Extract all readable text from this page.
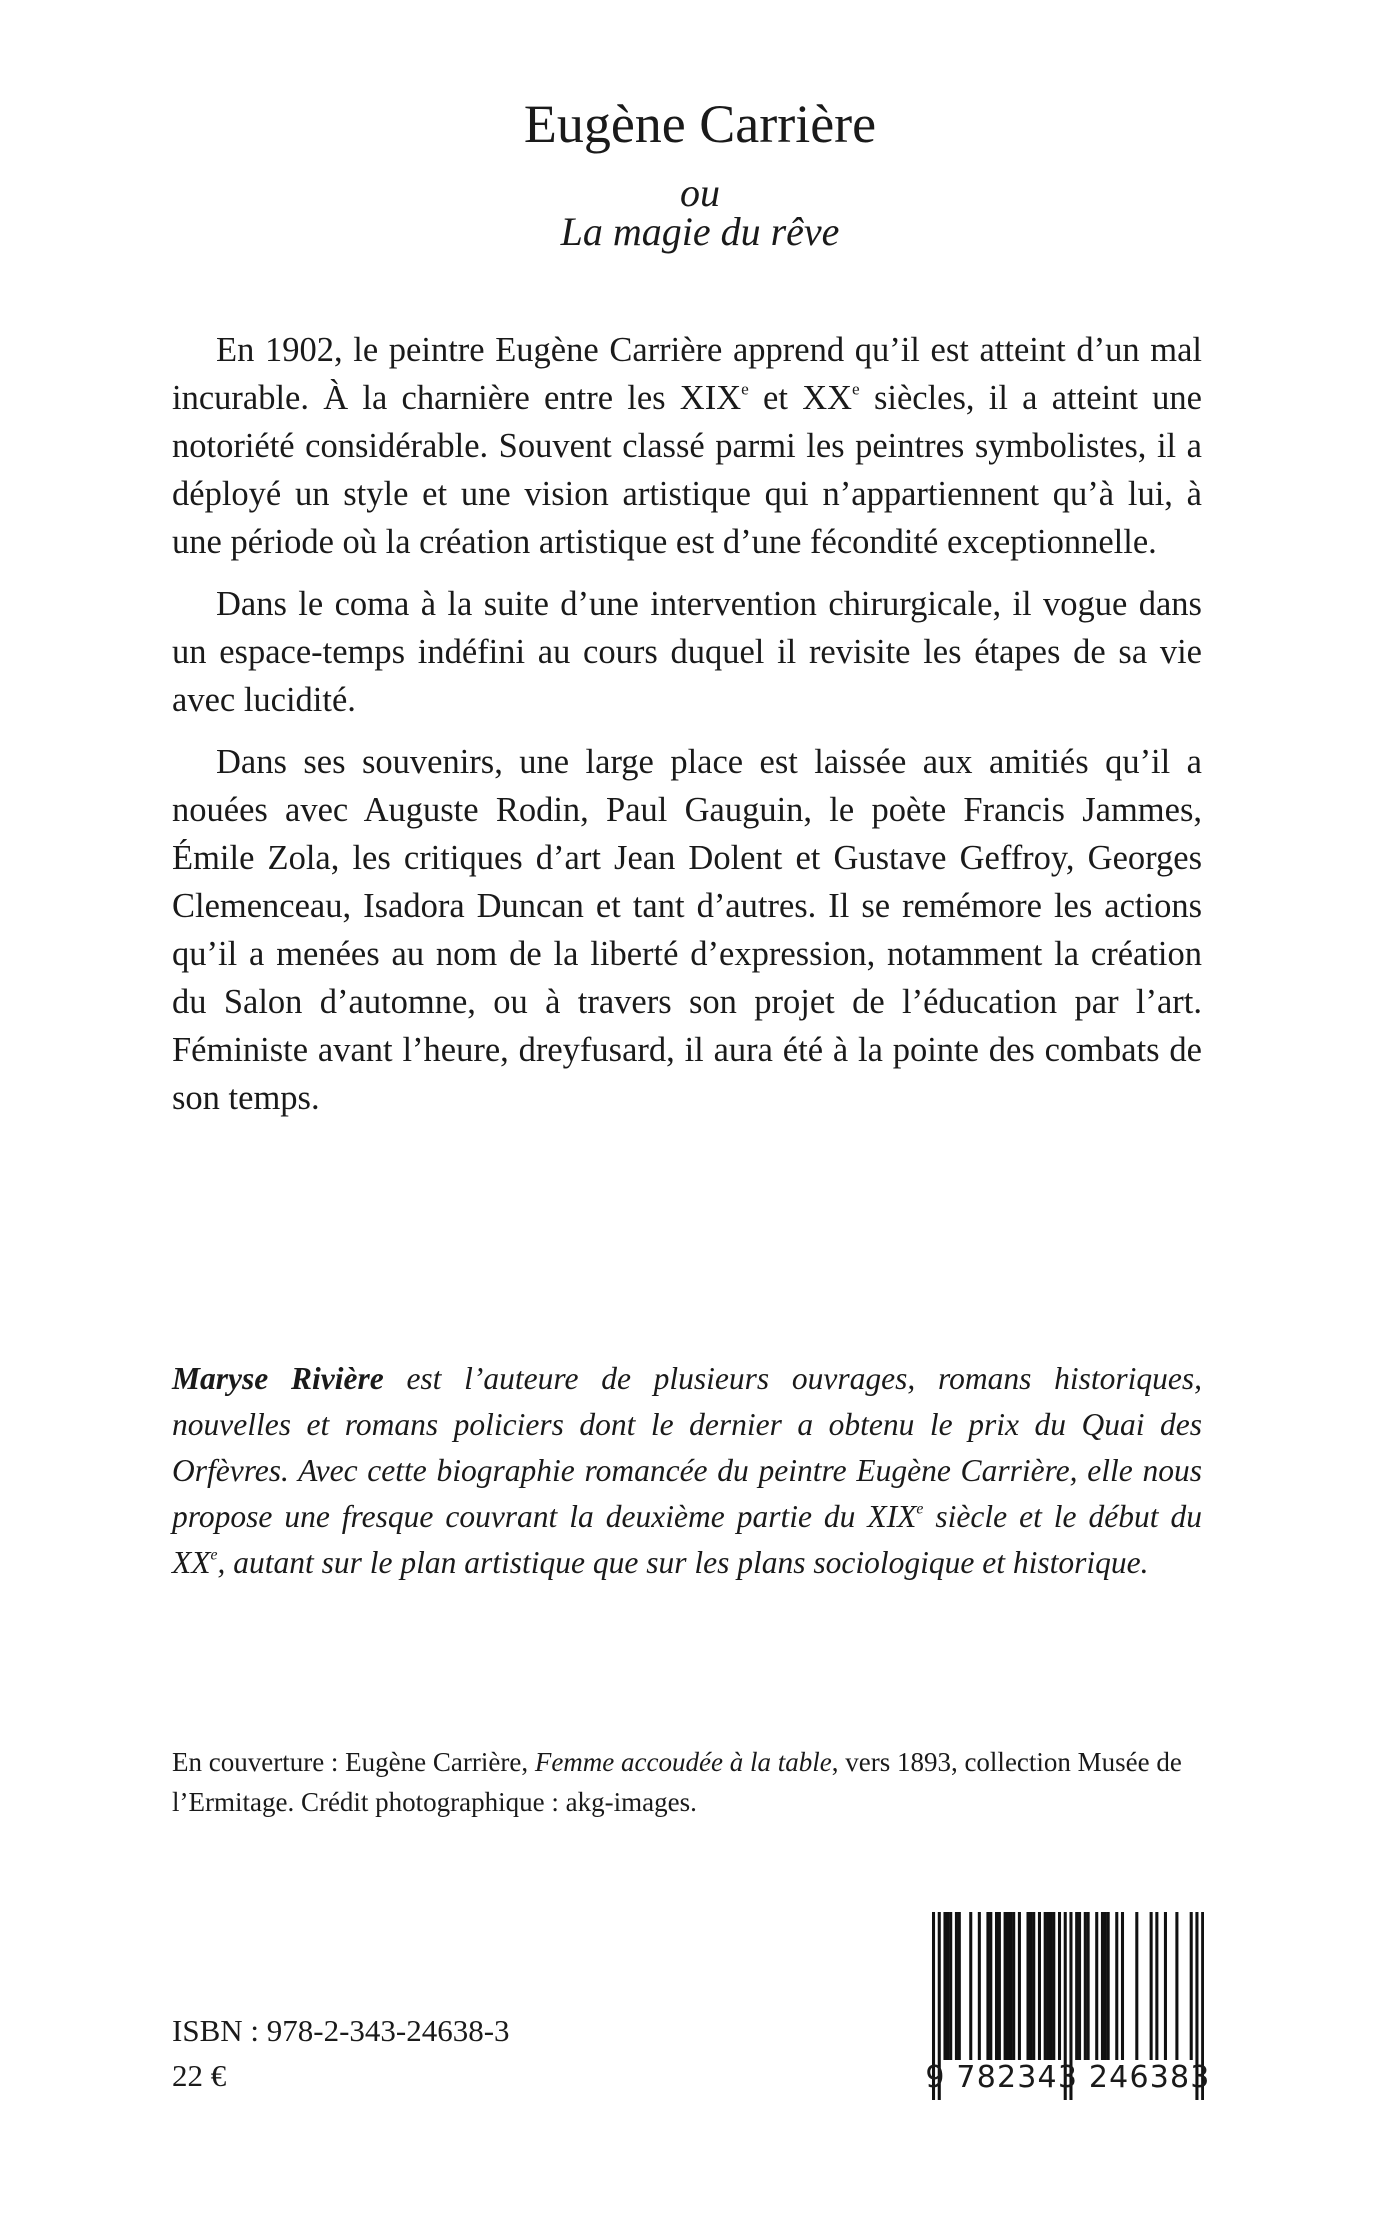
Eugène Carrière
ou
La magie du rêve

En 1902, le peintre Eugène Carrière apprend qu’il est atteint d’un mal incurable. À la charnière entre les XIXe et XXe siècles, il a atteint une notoriété considérable. Souvent classé parmi les peintres symbolistes, il a déployé un style et une vision artistique qui n’appartiennent qu’à lui, à une période où la création artistique est d’une fécondité exceptionnelle.

Dans le coma à la suite d’une intervention chirurgicale, il vogue dans un espace-temps indéfini au cours duquel il revisite les étapes de sa vie avec lucidité.

Dans ses souvenirs, une large place est laissée aux amitiés qu’il a nouées avec Auguste Rodin, Paul Gauguin, le poète Francis Jammes, Émile Zola, les critiques d’art Jean Dolent et Gustave Geffroy, Georges Clemenceau, Isadora Duncan et tant d’autres. Il se remémore les actions qu’il a menées au nom de la liberté d’expression, notamment la création du Salon d’automne, ou à travers son projet de l’éducation par l’art. Féministe avant l’heure, dreyfusard, il aura été à la pointe des combats de son temps.

Maryse Rivière est l’auteure de plusieurs ouvrages, romans historiques, nouvelles et romans policiers dont le dernier a obtenu le prix du Quai des Orfèvres. Avec cette biographie romancée du peintre Eugène Carrière, elle nous propose une fresque couvrant la deuxième partie du XIXe siècle et le début du XXe, autant sur le plan artistique que sur les plans sociologique et historique.
En couverture : Eugène Carrière, Femme accoudée à la table, vers 1893, collection Musée de l’Ermitage. Crédit photographique : akg-images.
ISBN : 978-2-343-24638-3
22 €	9 782343 246383
